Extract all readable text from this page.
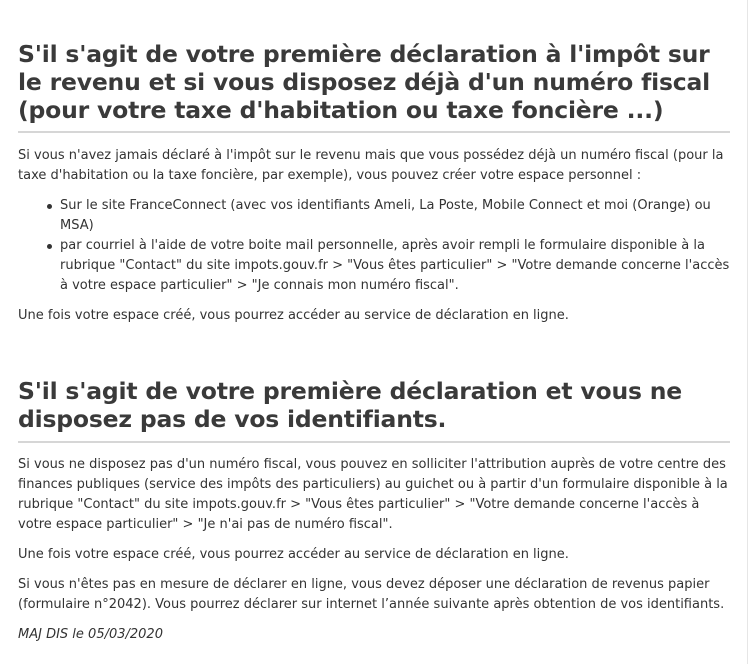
S'il s'agit de votre première déclaration à l'impôt sur le revenu et si vous disposez déjà d'un numéro fiscal (pour votre taxe d'habitation ou taxe foncière ...)

Si vous n'avez jamais déclaré à l'impôt sur le revenu mais que vous possédez déjà un numéro fiscal (pour la taxe d'habitation ou la taxe foncière, par exemple), vous pouvez créer votre espace personnel :

Sur le site FranceConnect (avec vos identifiants Ameli, La Poste, Mobile Connect et moi (Orange) ou MSA)
par courriel à l'aide de votre boite mail personnelle, après avoir rempli le formulaire disponible à la rubrique "Contact" du site impots.gouv.fr > "Vous êtes particulier" > "Votre demande concerne l'accès à votre espace particulier" > "Je connais mon numéro fiscal".

Une fois votre espace créé, vous pourrez accéder au service de déclaration en ligne.

S'il s'agit de votre première déclaration et vous ne disposez pas de vos identifiants.

Si vous ne disposez pas d'un numéro fiscal, vous pouvez en solliciter l'attribution auprès de votre centre des finances publiques (service des impôts des particuliers) au guichet ou à partir d'un formulaire disponible à la rubrique "Contact" du site impots.gouv.fr > "Vous êtes particulier" > "Votre demande concerne l'accès à votre espace particulier" > "Je n'ai pas de numéro fiscal".

Une fois votre espace créé, vous pourrez accéder au service de déclaration en ligne.

Si vous n'êtes pas en mesure de déclarer en ligne, vous devez déposer une déclaration de revenus papier (formulaire n°2042). Vous pourrez déclarer sur internet l’année suivante après obtention de vos identifiants.

MAJ DIS le 05/03/2020
